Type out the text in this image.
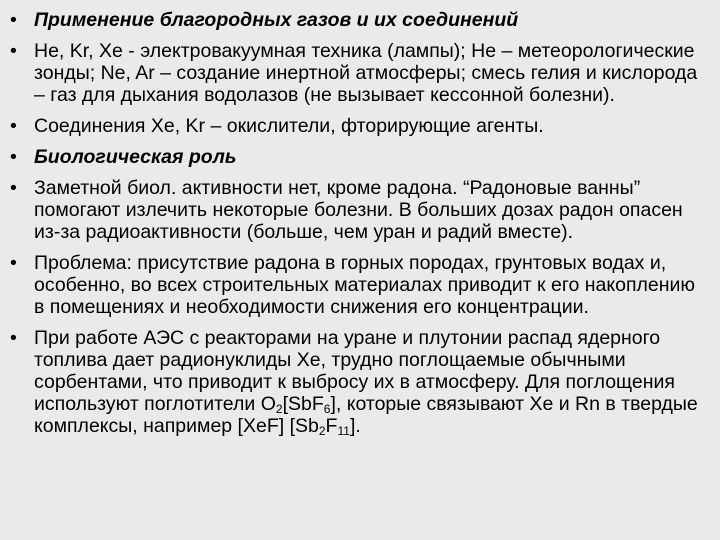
• Применение благородных газов и их соединений
• He, Kr, Xe - электровакуумная техника (лампы); He – метеорологические зонды; Ne, Ar – создание инертной атмосферы; смесь гелия и кислорода – газ для дыхания водолазов (не вызывает кессонной болезни).
• Соединения Xe, Kr – окислители, фторирующие агенты.
• Биологическая роль
• Заметной биол. активности нет, кроме радона. “Радоновые ванны” помогают излечить некоторые болезни. В больших дозах радон опасен из-за радиоактивности (больше, чем уран и радий вместе).
• Проблема: присутствие радона в горных породах, грунтовых водах и, особенно, во всех строительных материалах приводит к его накоплению в помещениях и необходимости снижения его концентрации.
• При работе АЭС с реакторами на уране и плутонии распад ядерного топлива дает радионуклиды Xe, трудно поглощаемые обычными сорбентами, что приводит к выбросу их в атмосферу. Для поглощения используют поглотители $O_2[SbF_6]$, которые связывают Xe и Rn в твердые комплексы, например [XeF] $[Sb_2F_{11}]$.
